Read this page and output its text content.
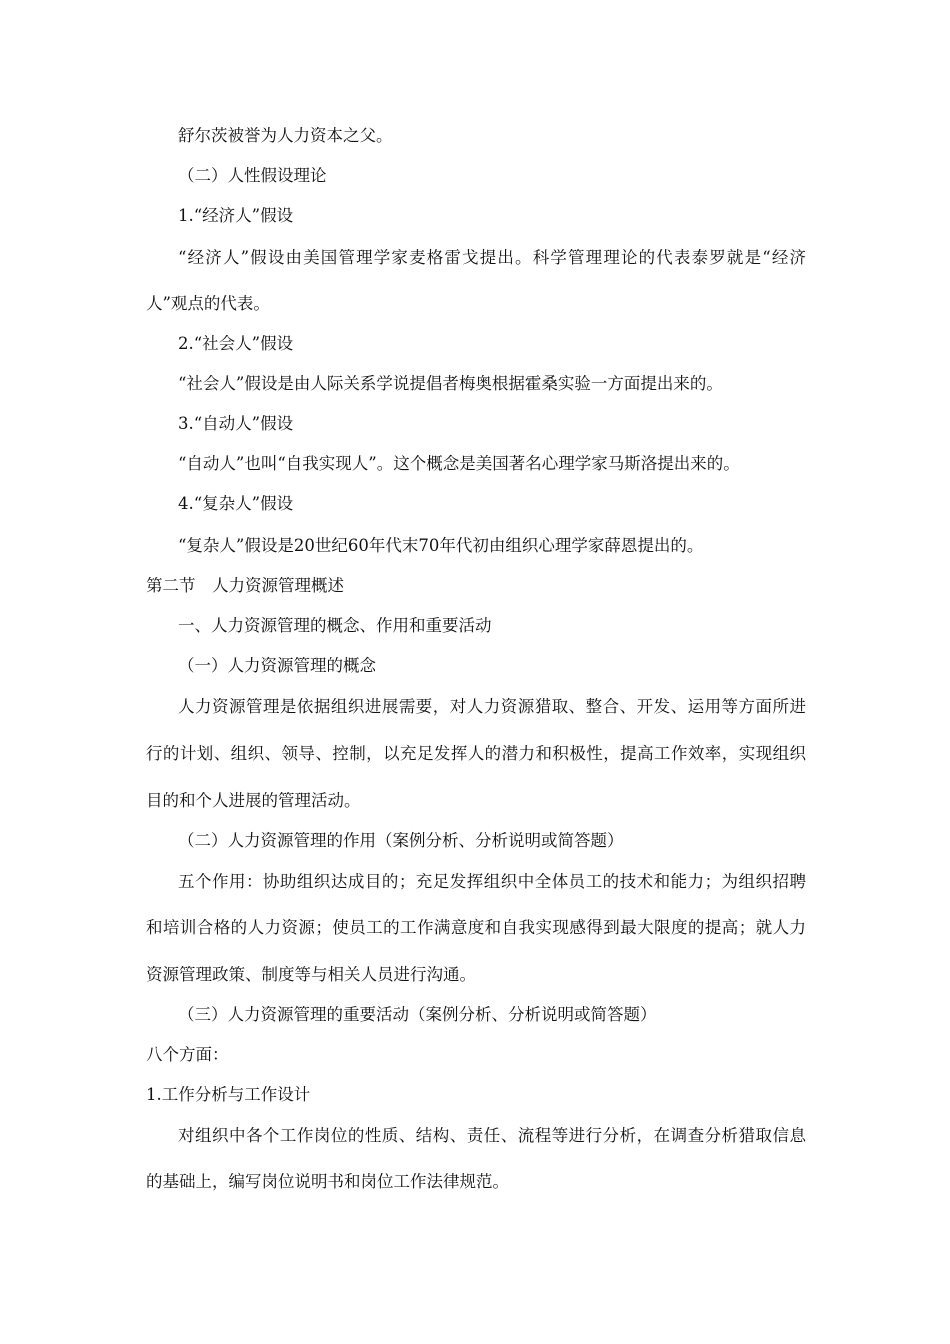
舒尔茨被誉为人力资本之父。

（二）人性假设理论

1.“经济人”假设

“经济人”假设由美国管理学家麦格雷戈提出。科学管理理论的代表泰罗就是“经济

人”观点的代表。

2.“社会人”假设

“社会人”假设是由人际关系学说提倡者梅奥根据霍桑实验一方面提出来的。

3.“自动人”假设

“自动人”也叫“自我实现人”。这个概念是美国著名心理学家马斯洛提出来的。

4.“复杂人”假设

“复杂人”假设是20世纪60年代末70年代初由组织心理学家薛恩提出的。

第二节　人力资源管理概述

一、人力资源管理的概念、作用和重要活动

（一）人力资源管理的概念

人力资源管理是依据组织进展需要，对人力资源猎取、整合、开发、运用等方面所进

行的计划、组织、领导、控制，以充足发挥人的潜力和积极性，提高工作效率，实现组织

目的和个人进展的管理活动。

（二）人力资源管理的作用（案例分析、分析说明或简答题）

五个作用：协助组织达成目的；充足发挥组织中全体员工的技术和能力；为组织招聘

和培训合格的人力资源；使员工的工作满意度和自我实现感得到最大限度的提高；就人力

资源管理政策、制度等与相关人员进行沟通。

（三）人力资源管理的重要活动（案例分析、分析说明或简答题）

八个方面：

1.工作分析与工作设计

对组织中各个工作岗位的性质、结构、责任、流程等进行分析，在调查分析猎取信息

的基础上，编写岗位说明书和岗位工作法律规范。
